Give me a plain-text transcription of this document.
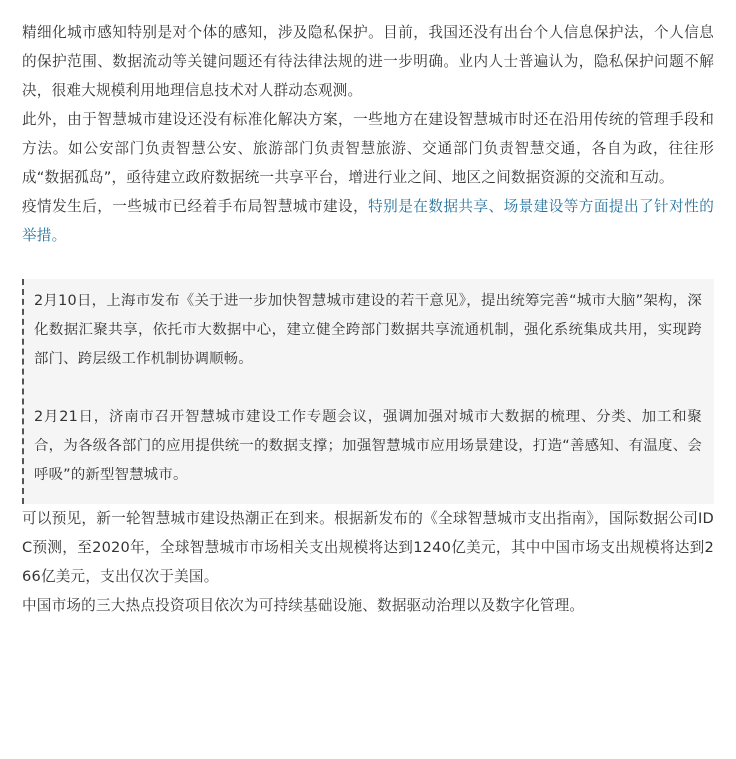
精细化城市感知特别是对个体的感知，涉及隐私保护。目前，我国还没有出台个人信息保护法，个人信息的保护范围、数据流动等关键问题还有待法律法规的进一步明确。业内人士普遍认为，隐私保护问题不解决，很难大规模利用地理信息技术对人群动态观测。

此外，由于智慧城市建设还没有标准化解决方案，一些地方在建设智慧城市时还在沿用传统的管理手段和方法。如公安部门负责智慧公安、旅游部门负责智慧旅游、交通部门负责智慧交通，各自为政，往往形成“数据孤岛”，亟待建立政府数据统一共享平台，增进行业之间、地区之间数据资源的交流和互动。

疫情发生后，一些城市已经着手布局智慧城市建设，特别是在数据共享、场景建设等方面提出了针对性的举措。

2月10日，上海市发布《关于进一步加快智慧城市建设的若干意见》，提出统筹完善“城市大脑”架构，深化数据汇聚共享，依托市大数据中心，建立健全跨部门数据共享流通机制，强化系统集成共用，实现跨部门、跨层级工作机制协调顺畅。

2月21日，济南市召开智慧城市建设工作专题会议，强调加强对城市大数据的梳理、分类、加工和聚合，为各级各部门的应用提供统一的数据支撑；加强智慧城市应用场景建设，打造“善感知、有温度、会呼吸”的新型智慧城市。

可以预见，新一轮智慧城市建设热潮正在到来。根据新发布的《全球智慧城市支出指南》，国际数据公司IDC预测，至2020年，全球智慧城市市场相关支出规模将达到1240亿美元，其中中国市场支出规模将达到266亿美元，支出仅次于美国。

中国市场的三大热点投资项目依次为可持续基础设施、数据驱动治理以及数字化管理。
